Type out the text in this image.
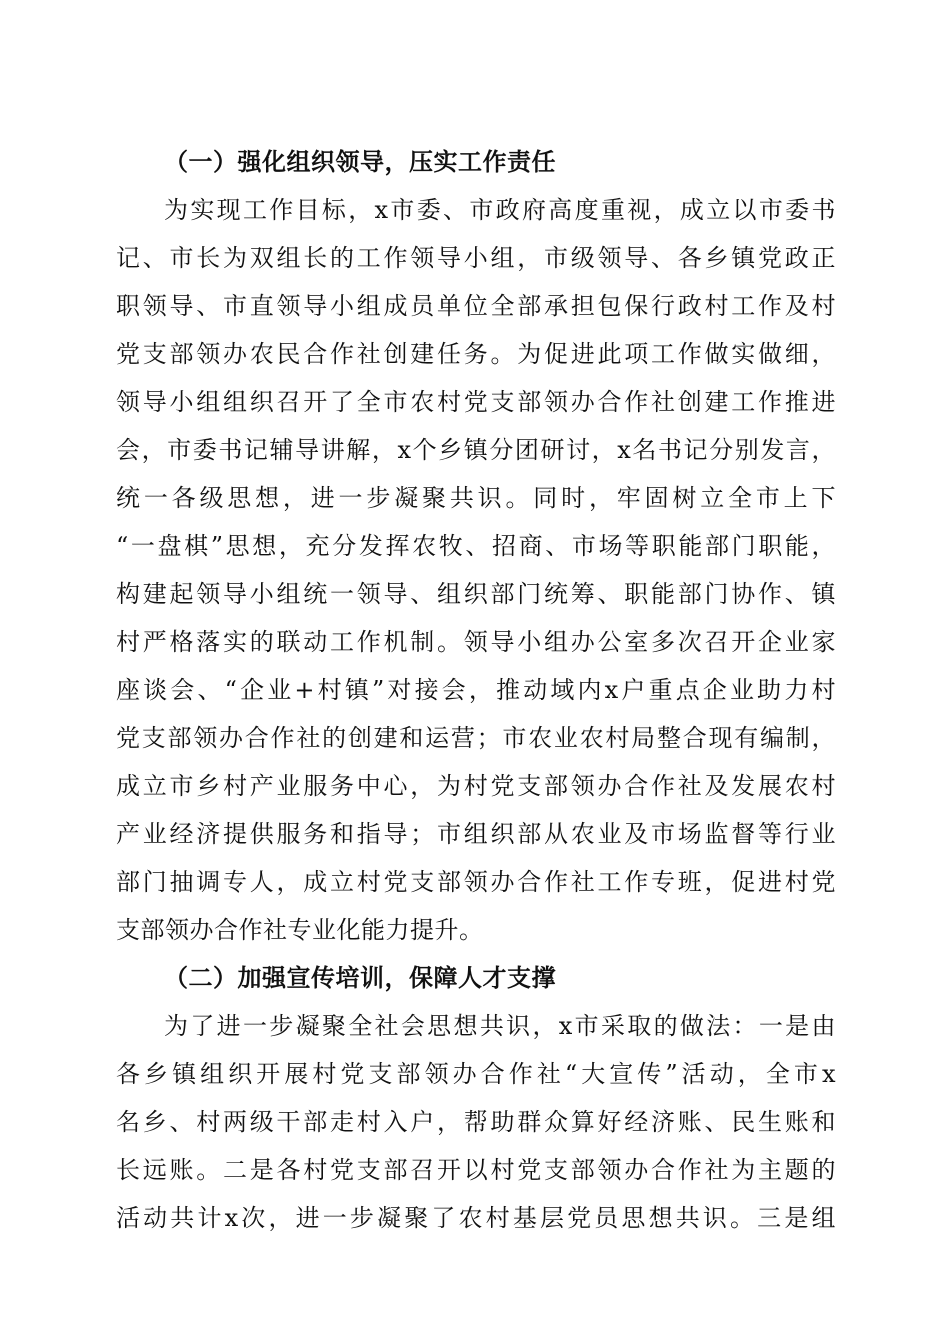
（一）强化组织领导，压实工作责任
为实现工作目标，x市委、市政府高度重视，成立以市委书
记、市长为双组长的工作领导小组，市级领导、各乡镇党政正
职领导、市直领导小组成员单位全部承担包保行政村工作及村
党支部领办农民合作社创建任务。为促进此项工作做实做细，
领导小组组织召开了全市农村党支部领办合作社创建工作推进
会，市委书记辅导讲解，x个乡镇分团研讨，x名书记分别发言，
统一各级思想，进一步凝聚共识。同时，牢固树立全市上下
“一盘棋”思想，充分发挥农牧、招商、市场等职能部门职能，
构建起领导小组统一领导、组织部门统筹、职能部门协作、镇
村严格落实的联动工作机制。领导小组办公室多次召开企业家
座谈会、“企业+村镇”对接会，推动域内x户重点企业助力村
党支部领办合作社的创建和运营；市农业农村局整合现有编制，
成立市乡村产业服务中心，为村党支部领办合作社及发展农村
产业经济提供服务和指导；市组织部从农业及市场监督等行业
部门抽调专人，成立村党支部领办合作社工作专班，促进村党
支部领办合作社专业化能力提升。
（二）加强宣传培训，保障人才支撑
为了进一步凝聚全社会思想共识，x市采取的做法：一是由
各乡镇组织开展村党支部领办合作社“大宣传”活动，全市x
名乡、村两级干部走村入户，帮助群众算好经济账、民生账和
长远账。二是各村党支部召开以村党支部领办合作社为主题的
活动共计x次，进一步凝聚了农村基层党员思想共识。三是组
